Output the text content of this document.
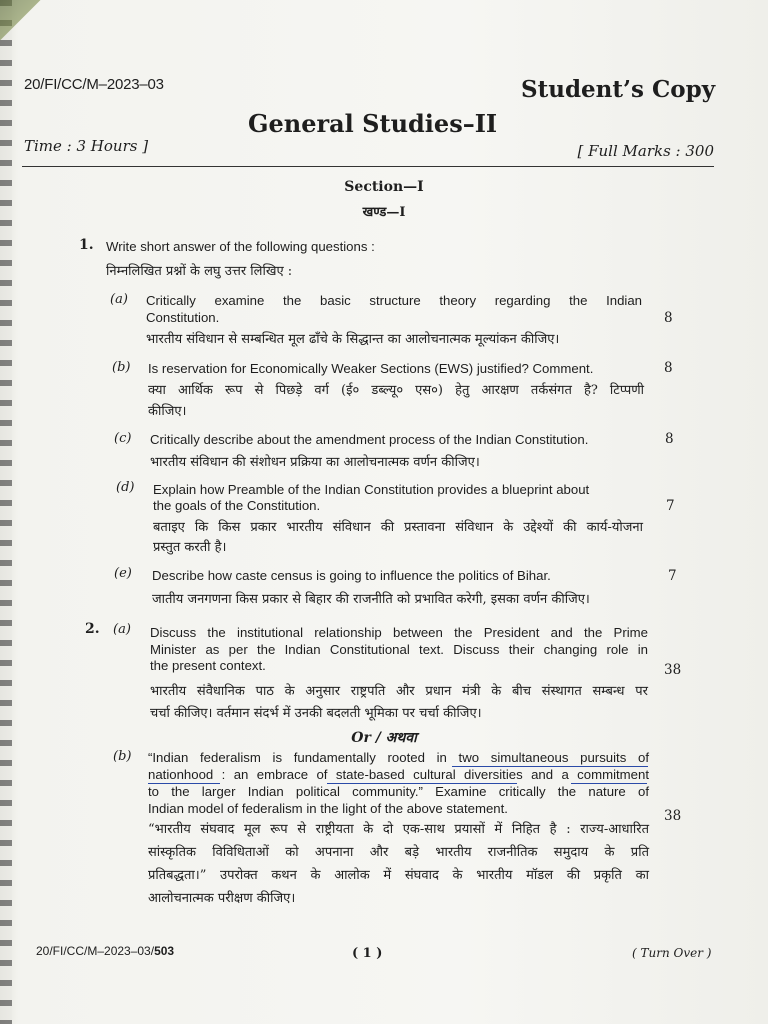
20/FI/CC/M–2023–03	Student’s Copy

General Studies–II

Time : 3 Hours ]	[ Full Marks : 300

Section—I

खण्ड—I

1. Write short answer of the following questions :

निम्नलिखित प्रश्नों के लघु उत्तर लिखिए :

(a) Critically examine the basic structure theory regarding the Indian

Constitution.

भारतीय संविधान से सम्बन्धित मूल ढाँचे के सिद्धान्त का आलोचनात्मक मूल्यांकन कीजिए।

8

(b) Is reservation for Economically Weaker Sections (EWS) justified? Comment.

क्या आर्थिक रूप से पिछड़े वर्ग (ई० डब्ल्यू० एस०) हेतु आरक्षण तर्कसंगत है? टिप्पणी

कीजिए।

8

(c) Critically describe about the amendment process of the Indian Constitution.

भारतीय संविधान की संशोधन प्रक्रिया का आलोचनात्मक वर्णन कीजिए।

8

(d) Explain how Preamble of the Indian Constitution provides a blueprint about

the goals of the Constitution.

बताइए कि किस प्रकार भारतीय संविधान की प्रस्तावना संविधान के उद्देश्यों की कार्य-योजना

प्रस्तुत करती है।

7

(e) Describe how caste census is going to influence the politics of Bihar.

जातीय जनगणना किस प्रकार से बिहार की राजनीति को प्रभावित करेगी, इसका वर्णन कीजिए।

7

2. (a) Discuss the institutional relationship between the President and the Prime

Minister as per the Indian Constitutional text. Discuss their changing role in

the present context.

भारतीय संवैधानिक पाठ के अनुसार राष्ट्रपति और प्रधान मंत्री के बीच संस्थागत सम्बन्ध पर

चर्चा कीजिए। वर्तमान संदर्भ में उनकी बदलती भूमिका पर चर्चा कीजिए।

38

Or / अथवा

(b) “Indian federalism is fundamentally rooted in two simultaneous pursuits of

nationhood : an embrace of state-based cultural diversities and a commitment

to the larger Indian political community.” Examine critically the nature of

Indian model of federalism in the light of the above statement.

“भारतीय संघवाद मूल रूप से राष्ट्रीयता के दो एक-साथ प्रयासों में निहित है : राज्य-आधारित

सांस्कृतिक विविधिताओं को अपनाना और बड़े भारतीय राजनीतिक समुदाय के प्रति

प्रतिबद्धता।” उपरोक्त कथन के आलोक में संघवाद के भारतीय मॉडल की प्रकृति का

आलोचनात्मक परीक्षण कीजिए।

38

20/FI/CC/M–2023–03/503	( 1 )	( Turn Over )
